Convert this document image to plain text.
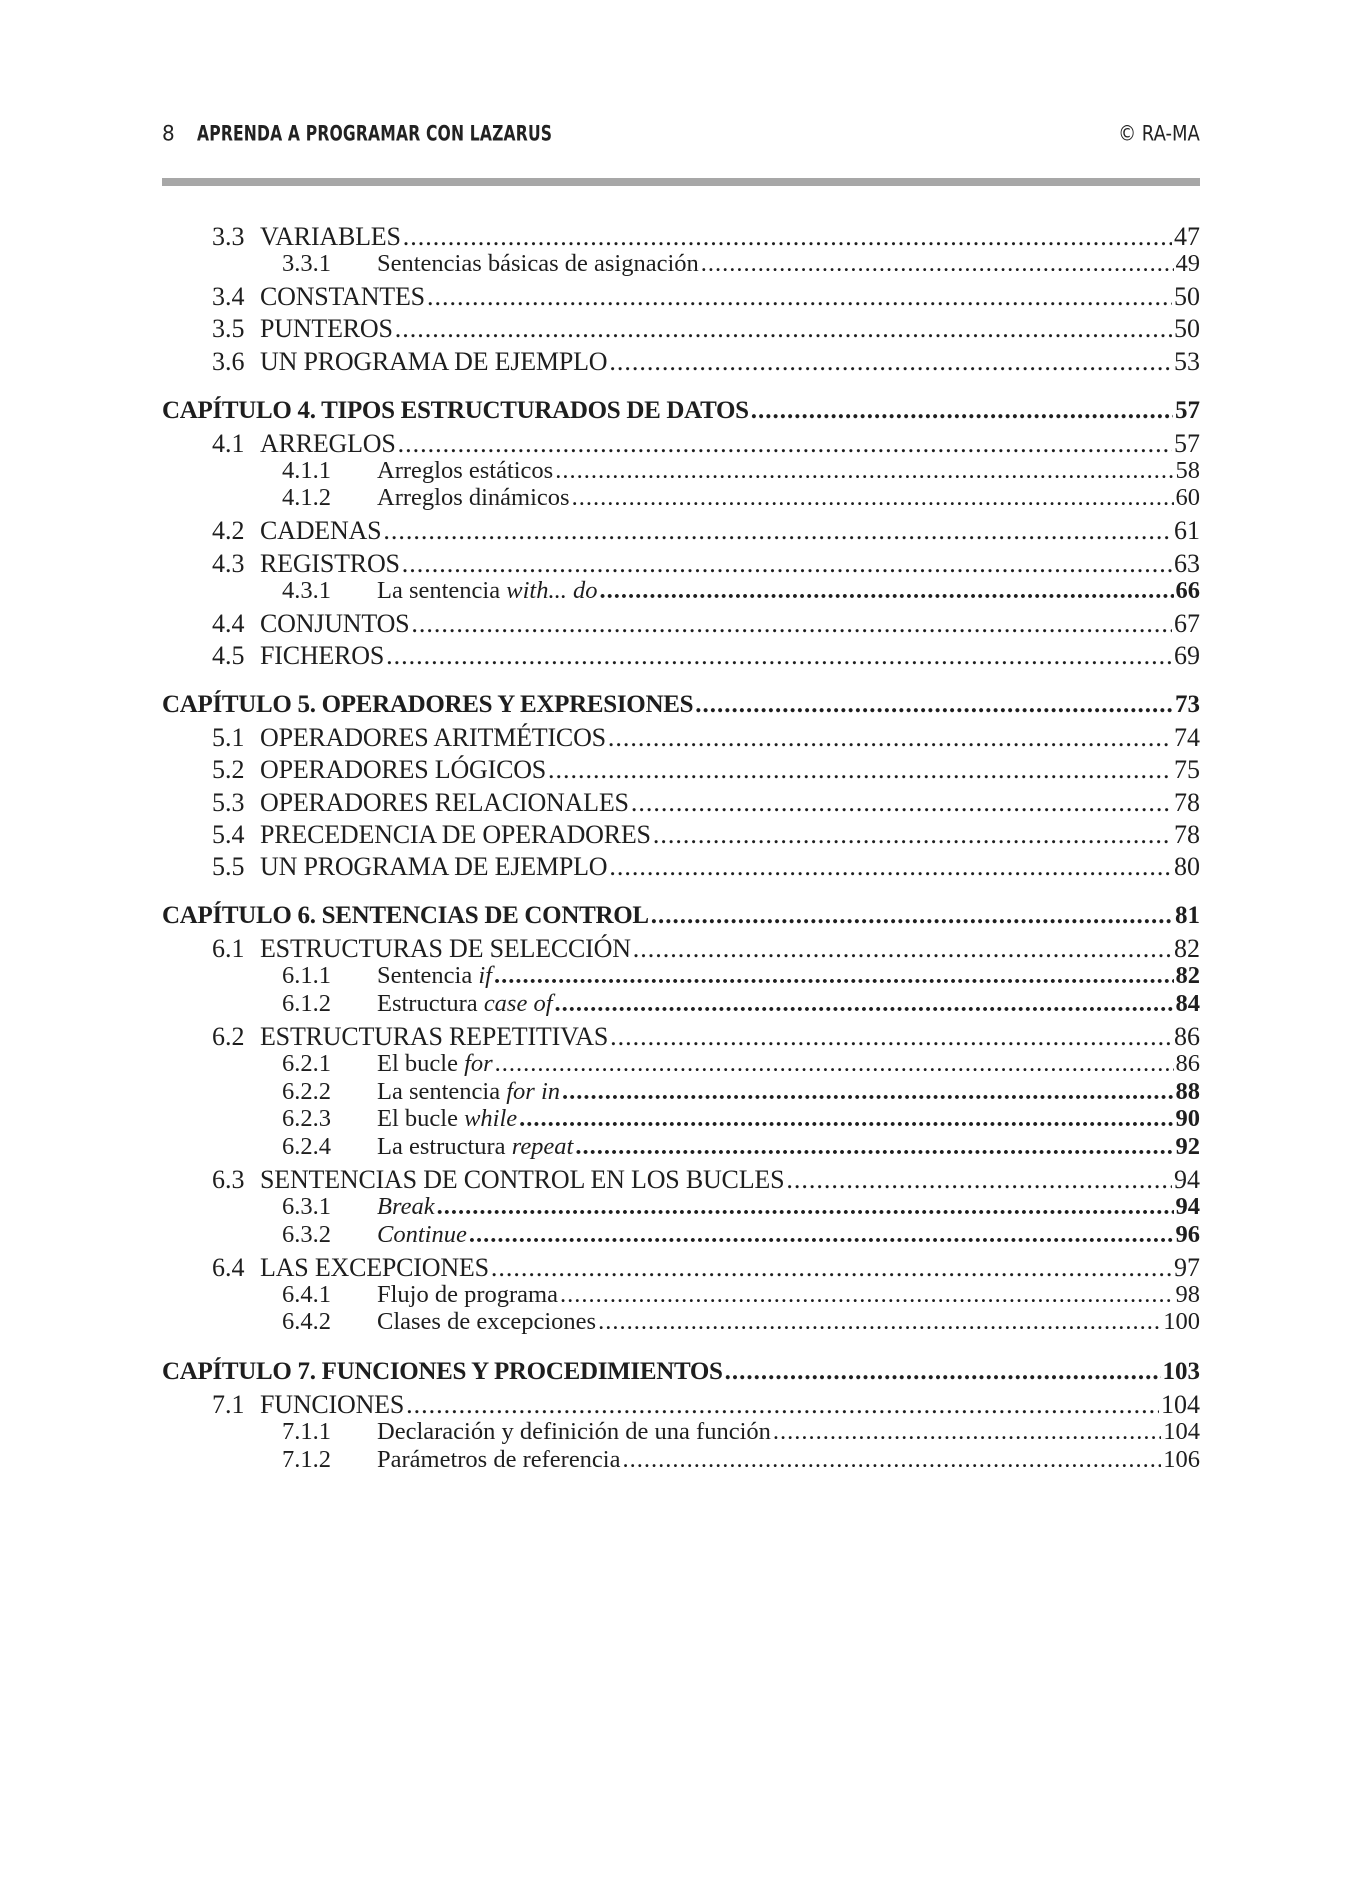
8 APRENDA A PROGRAMAR CON LAZARUS	© RA-MA
3.3 VARIABLES .....	47
3.3.1	Sentencias básicas de asignación .....	49
3.4 CONSTANTES .....	50
3.5 PUNTEROS .....	50
3.6 UN PROGRAMA DE EJEMPLO .....	53
CAPÍTULO 4. TIPOS ESTRUCTURADOS DE DATOS .....	57
4.1 ARREGLOS .....	57
4.1.1	Arreglos estáticos .....	58
4.1.2	Arreglos dinámicos .....	60
4.2 CADENAS .....	61
4.3 REGISTROS .....	63
4.3.1	La sentencia with... do .....	66
4.4 CONJUNTOS .....	67
4.5 FICHEROS .....	69
CAPÍTULO 5. OPERADORES Y EXPRESIONES .....	73
5.1 OPERADORES ARITMÉTICOS .....	74
5.2 OPERADORES LÓGICOS .....	75
5.3 OPERADORES RELACIONALES .....	78
5.4 PRECEDENCIA DE OPERADORES .....	78
5.5 UN PROGRAMA DE EJEMPLO .....	80
CAPÍTULO 6. SENTENCIAS DE CONTROL .....	81
6.1 ESTRUCTURAS DE SELECCIÓN .....	82
6.1.1	Sentencia if .....	82
6.1.2	Estructura case of .....	84
6.2 ESTRUCTURAS REPETITIVAS .....	86
6.2.1	El bucle for .....	86
6.2.2	La sentencia for in .....	88
6.2.3	El bucle while .....	90
6.2.4	La estructura repeat .....	92
6.3 SENTENCIAS DE CONTROL EN LOS BUCLES .....	94
6.3.1	Break .....	94
6.3.2	Continue .....	96
6.4 LAS EXCEPCIONES .....	97
6.4.1	Flujo de programa .....	98
6.4.2	Clases de excepciones .....	100
CAPÍTULO 7. FUNCIONES Y PROCEDIMIENTOS .....	103
7.1 FUNCIONES .....	104
7.1.1	Declaración y definición de una función .....	104
7.1.2	Parámetros de referencia .....	106
